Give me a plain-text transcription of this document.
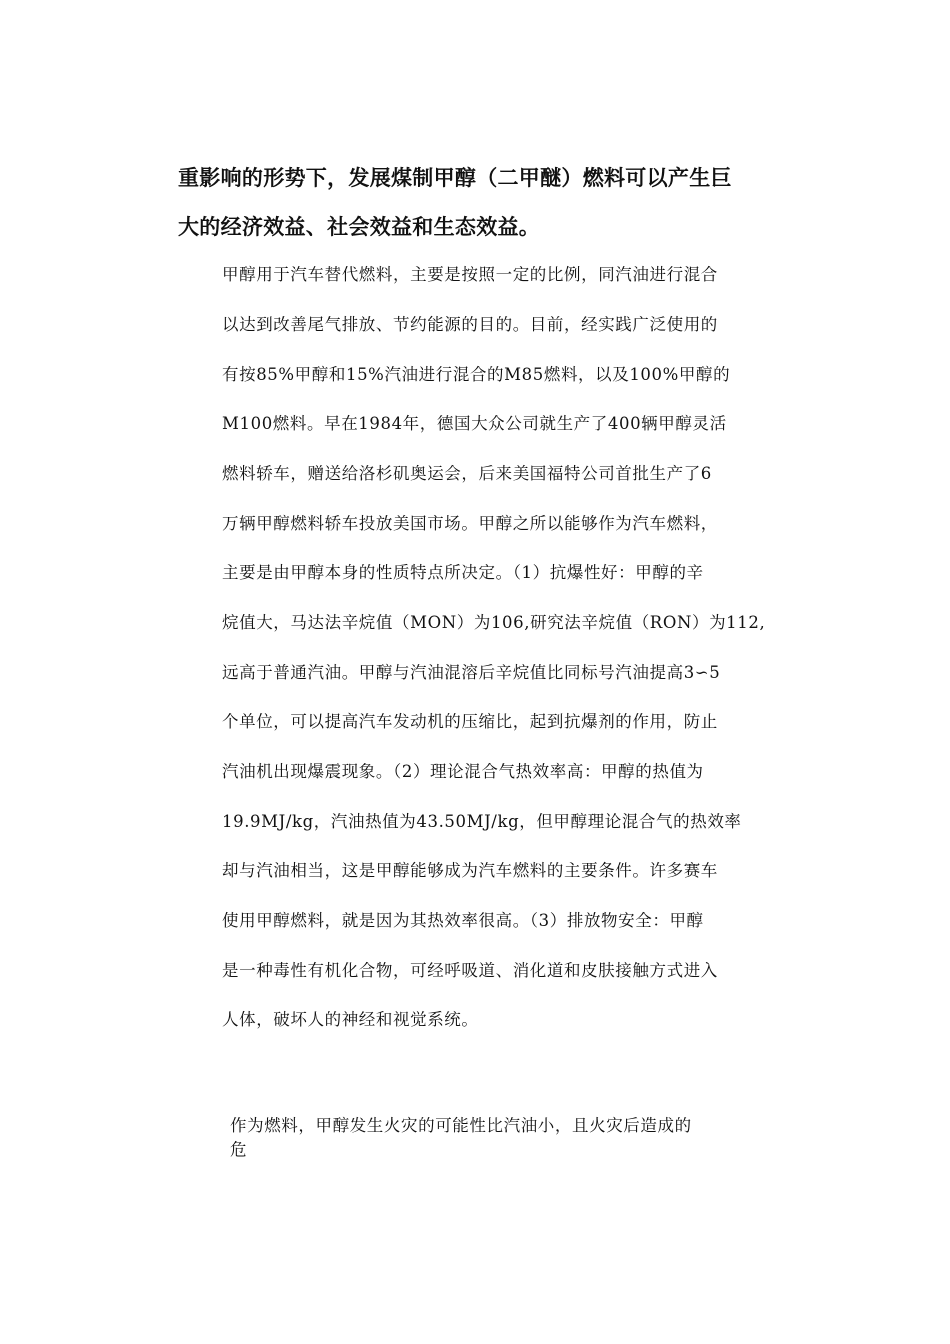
重影响的形势下，发展煤制甲醇（二甲醚）燃料可以产生巨

大的经济效益、社会效益和生态效益。

甲醇用于汽车替代燃料，主要是按照一定的比例，同汽油进行混合

以达到改善尾气排放、节约能源的目的。目前，经实践广泛使用的

有按85%甲醇和15%汽油进行混合的M85燃料，以及100%甲醇的

M100燃料。早在1984年，德国大众公司就生产了400辆甲醇灵活

燃料轿车，赠送给洛杉矶奥运会，后来美国福特公司首批生产了6

万辆甲醇燃料轿车投放美国市场。甲醇之所以能够作为汽车燃料，

主要是由甲醇本身的性质特点所决定。（1）抗爆性好：甲醇的辛

烷值大，马达法辛烷值（MON）为106,研究法辛烷值（RON）为112,

远高于普通汽油。甲醇与汽油混溶后辛烷值比同标号汽油提高3∽5

个单位，可以提高汽车发动机的压缩比，起到抗爆剂的作用，防止

汽油机出现爆震现象。（2）理论混合气热效率高：甲醇的热值为

19.9MJ/kg，汽油热值为43.50MJ/kg，但甲醇理论混合气的热效率

却与汽油相当，这是甲醇能够成为汽车燃料的主要条件。许多赛车

使用甲醇燃料，就是因为其热效率很高。（3）排放物安全：甲醇

是一种毒性有机化合物，可经呼吸道、消化道和皮肤接触方式进入

人体，破坏人的神经和视觉系统。

作为燃料，甲醇发生火灾的可能性比汽油小，且火灾后造成的

危
